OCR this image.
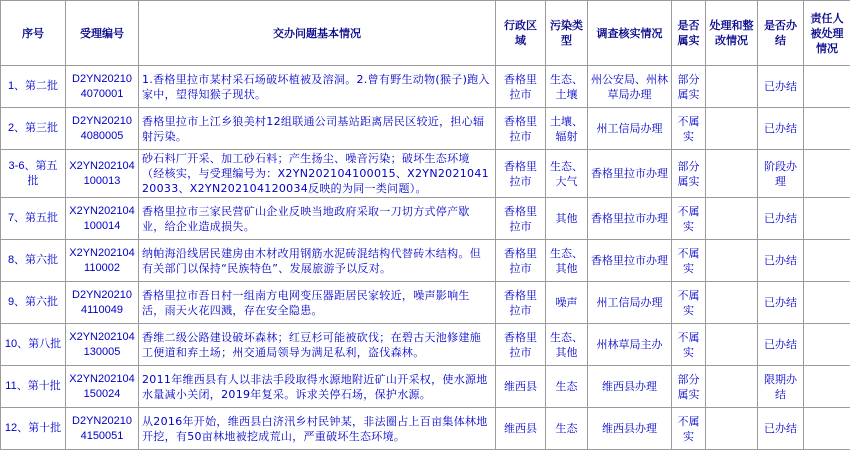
序号	受理编号	交办问题基本情况	行政区域	污染类型	调查核实情况	是否属实	处理和整改情况	是否办结	责任人被处理情况
1、第二批	D2YN202104070001	1.香格里拉市某村采石场破坏植被及溶洞。2.曾有野生动物(猴子)跑入家中，望得知猴子现状。	香格里拉市	生态、土壤	州公安局、州林草局办理	部分属实		已办结	
2、第三批	D2YN202104080005	香格里拉市上江乡狼美村12组联通公司基站距离居民区较近，担心辐射污染。	香格里拉市	土壤、辐射	州工信局办理	不属实		已办结	
3-6、第五批	X2YN202104100013	砂石料厂开采、加工砂石料；产生扬尘、噪音污染；破坏生态环境（经核实，与受理编号为：X2YN202104100015、X2YN202104120033、X2YN202104120034反映的为同一类问题）。	香格里拉市	生态、大气	香格里拉市办理	部分属实		阶段办理	
7、第五批	X2YN202104100014	香格里拉市三家民营矿山企业反映当地政府采取一刀切方式停产歇业，给企业造成损失。	香格里拉市	其他	香格里拉市办理	不属实		已办结	
8、第六批	X2YN202104110002	纳帕海沿线居民建房由木材改用钢筋水泥砖混结构代替砖木结构。但有关部门以保持“民族特色”、发展旅游予以反对。	香格里拉市	生态、其他	香格里拉市办理	不属实		已办结	
9、第六批	D2YN202104110049	香格里拉市吾日村一组南方电网变压器距居民家较近，噪声影响生活，雨天火花四溅，存在安全隐患。	香格里拉市	噪声	州工信局办理	不属实		已办结	
10、第八批	X2YN202104130005	香维二级公路建设破坏森林；红豆杉可能被砍伐；在碧古天池修建施工便道和弃土场；州交通局领导为满足私利，盗伐森林。	香格里拉市	生态、其他	州林草局主办	不属实		已办结	
11、第十批	X2YN202104150024	2011年维西县有人以非法手段取得水源地附近矿山开采权，使水源地水量减小关闭，2019年复采。诉求关停石场，保护水源。	维西县	生态	维西县办理	部分属实		限期办结	
12、第十批	D2YN202104150051	从2016年开始，维西县白济汛乡村民钟某，非法圈占上百亩集体林地开挖，有50亩林地被挖成荒山，严重破坏生态环境。	维西县	生态	维西县办理	不属实		已办结	
